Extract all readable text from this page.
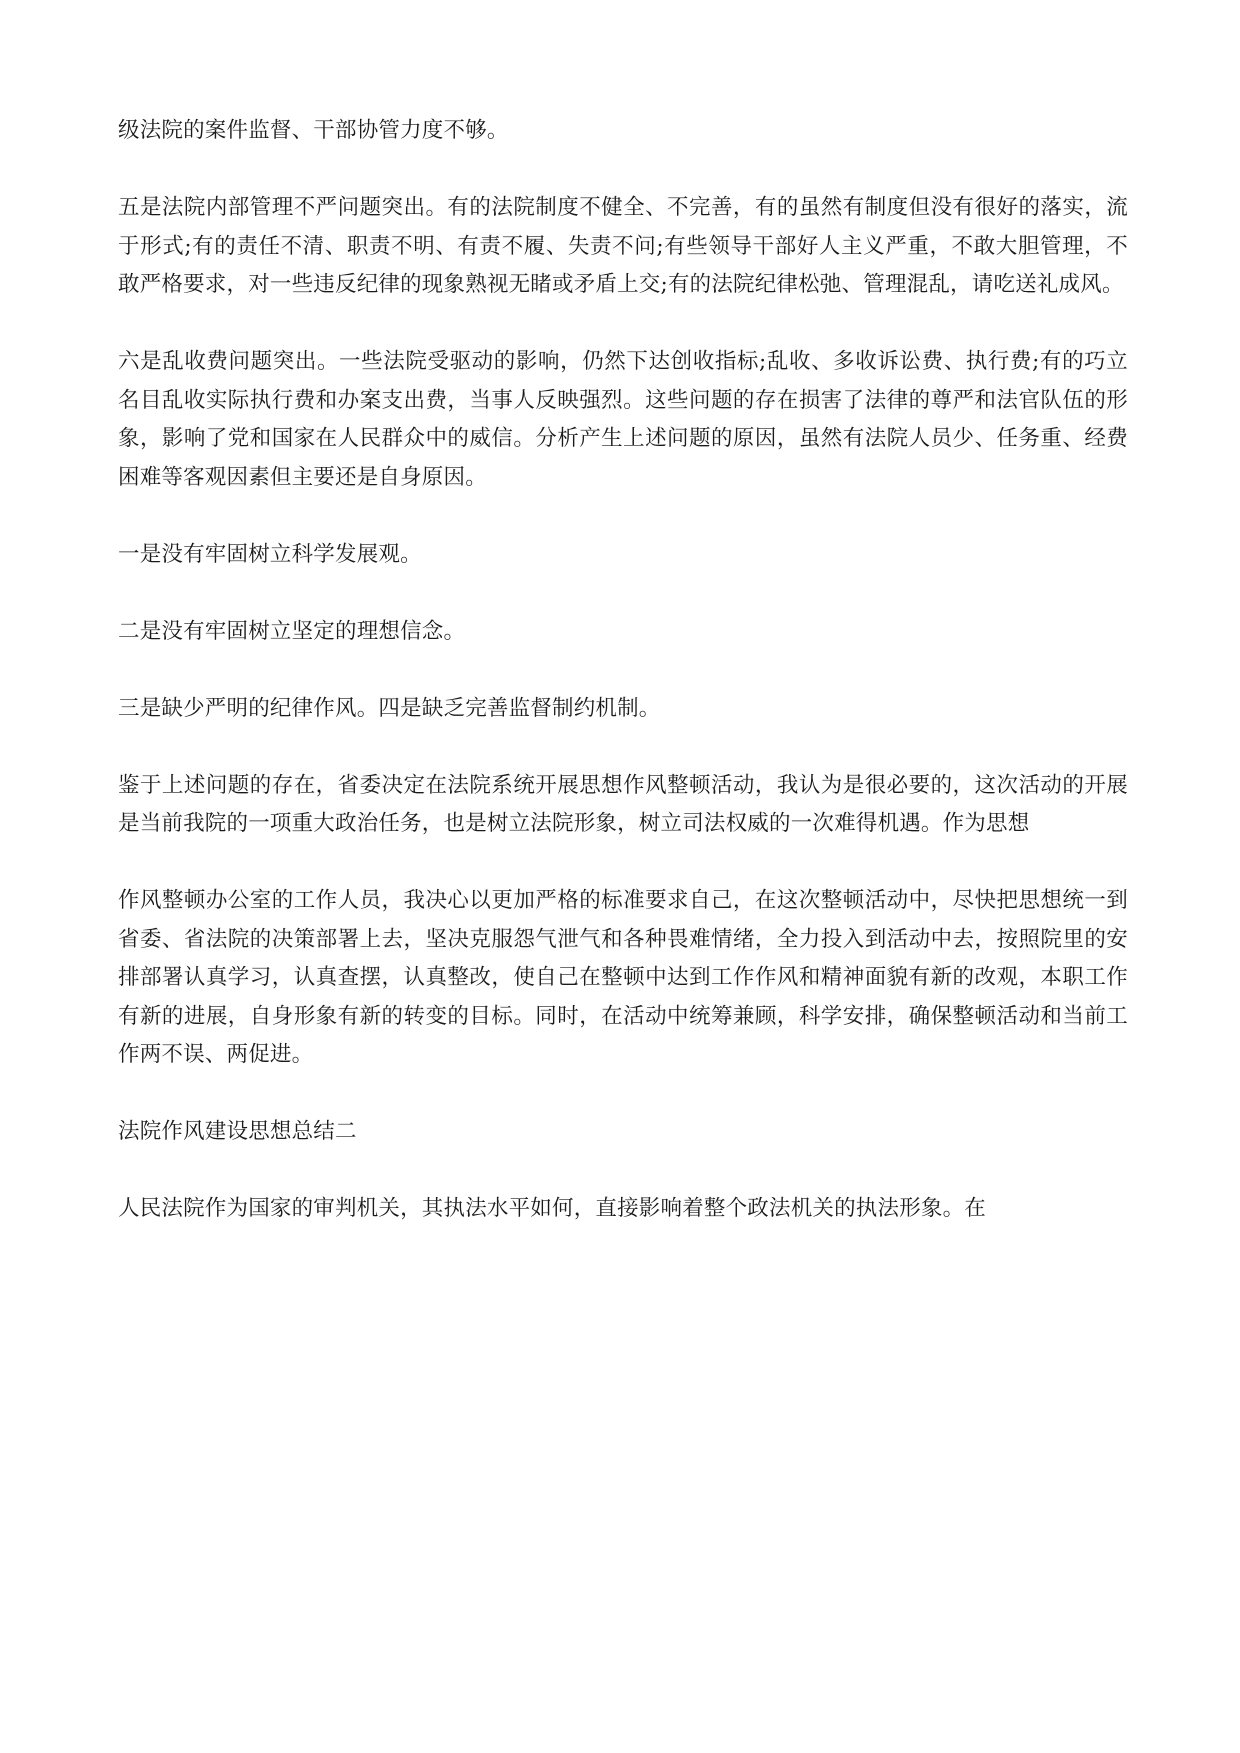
级法院的案件监督、干部协管力度不够。

五是法院内部管理不严问题突出。有的法院制度不健全、不完善，有的虽然有制度但没有很好的落实，流于形式;有的责任不清、职责不明、有责不履、失责不问;有些领导干部好人主义严重，不敢大胆管理，不敢严格要求，对一些违反纪律的现象熟视无睹或矛盾上交;有的法院纪律松弛、管理混乱，请吃送礼成风。

六是乱收费问题突出。一些法院受驱动的影响，仍然下达创收指标;乱收、多收诉讼费、执行费;有的巧立名目乱收实际执行费和办案支出费，当事人反映强烈。这些问题的存在损害了法律的尊严和法官队伍的形象，影响了党和国家在人民群众中的威信。分析产生上述问题的原因，虽然有法院人员少、任务重、经费困难等客观因素但主要还是自身原因。

一是没有牢固树立科学发展观。

二是没有牢固树立坚定的理想信念。

三是缺少严明的纪律作风。四是缺乏完善监督制约机制。

鉴于上述问题的存在，省委决定在法院系统开展思想作风整顿活动，我认为是很必要的，这次活动的开展是当前我院的一项重大政治任务，也是树立法院形象，树立司法权威的一次难得机遇。作为思想

作风整顿办公室的工作人员，我决心以更加严格的标准要求自己，在这次整顿活动中，尽快把思想统一到省委、省法院的决策部署上去，坚决克服怨气泄气和各种畏难情绪，全力投入到活动中去，按照院里的安排部署认真学习，认真查摆，认真整改，使自己在整顿中达到工作作风和精神面貌有新的改观，本职工作有新的进展，自身形象有新的转变的目标。同时，在活动中统筹兼顾，科学安排，确保整顿活动和当前工作两不误、两促进。

法院作风建设思想总结二

人民法院作为国家的审判机关，其执法水平如何，直接影响着整个政法机关的执法形象。在
